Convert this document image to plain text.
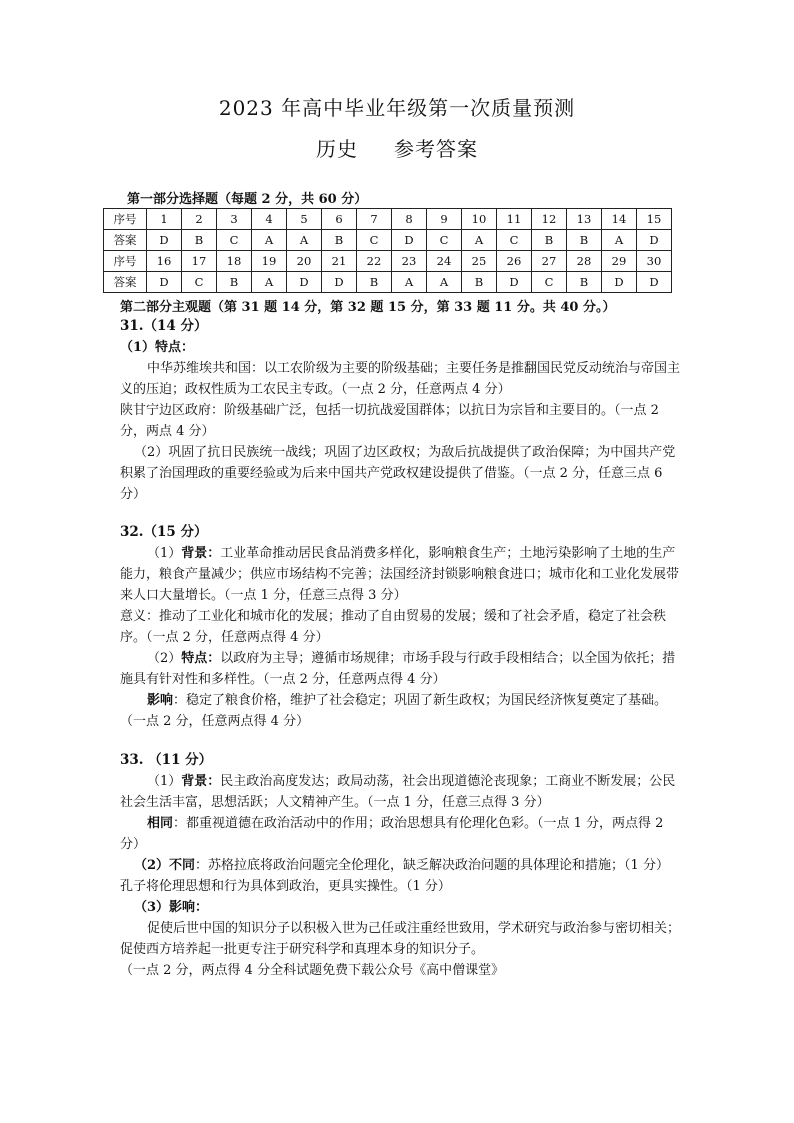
2023 年高中毕业年级第一次质量预测
历史 参考答案
第一部分选择题（每题 2 分，共 60 分）
序号	1	2	3	4	5	6	7	8	9	10	11	12	13	14	15
答案	D	B	C	A	A	B	C	D	C	A	C	B	B	A	D
序号	16	17	18	19	20	21	22	23	24	25	26	27	28	29	30
答案	D	C	B	A	D	D	B	A	A	B	D	C	B	D	D
第二部分主观题（第 31 题 14 分，第 32 题 15 分，第 33 题 11 分。共 40 分。）

31.（14 分）

（1）特点：

中华苏维埃共和国：以工农阶级为主要的阶级基础；主要任务是推翻国民党反动统治与帝国主义的压迫；政权性质为工农民主专政。（一点 2 分，任意两点 4 分）

陕甘宁边区政府：阶级基础广泛，包括一切抗战爱国群体；以抗日为宗旨和主要目的。（一点 2 分，两点 4 分）

（2）巩固了抗日民族统一战线；巩固了边区政权；为敌后抗战提供了政治保障；为中国共产党积累了治国理政的重要经验或为后来中国共产党政权建设提供了借鉴。（一点 2 分，任意三点 6 分）

32.（15 分）

（1）背景：工业革命推动居民食品消费多样化，影响粮食生产；土地污染影响了土地的生产能力，粮食产量减少；供应市场结构不完善；法国经济封锁影响粮食进口；城市化和工业化发展带来人口大量增长。（一点 1 分，任意三点得 3 分）

意义：推动了工业化和城市化的发展；推动了自由贸易的发展；缓和了社会矛盾，稳定了社会秩序。（一点 2 分，任意两点得 4 分）

（2）特点：以政府为主导；遵循市场规律；市场手段与行政手段相结合；以全国为依托；措施具有针对性和多样性。（一点 2 分，任意两点得 4 分）

影响：稳定了粮食价格，维护了社会稳定；巩固了新生政权；为国民经济恢复奠定了基础。（一点 2 分，任意两点得 4 分）

33. （11 分）

（1）背景：民主政治高度发达；政局动荡，社会出现道德沦丧现象；工商业不断发展；公民社会生活丰富，思想活跃；人文精神产生。（一点 1 分，任意三点得 3 分）

相同：都重视道德在政治活动中的作用；政治思想具有伦理化色彩。（一点 1 分，两点得 2 分）

（2）不同：苏格拉底将政治问题完全伦理化，缺乏解决政治问题的具体理论和措施；（1 分）孔子将伦理思想和行为具体到政治，更具实操性。（1 分）

（3）影响：

促使后世中国的知识分子以积极入世为己任或注重经世致用，学术研究与政治参与密切相关；促使西方培养起一批更专注于研究科学和真理本身的知识分子。

（一点 2 分，两点得 4 分全科试题免费下载公众号《高中僧课堂》
